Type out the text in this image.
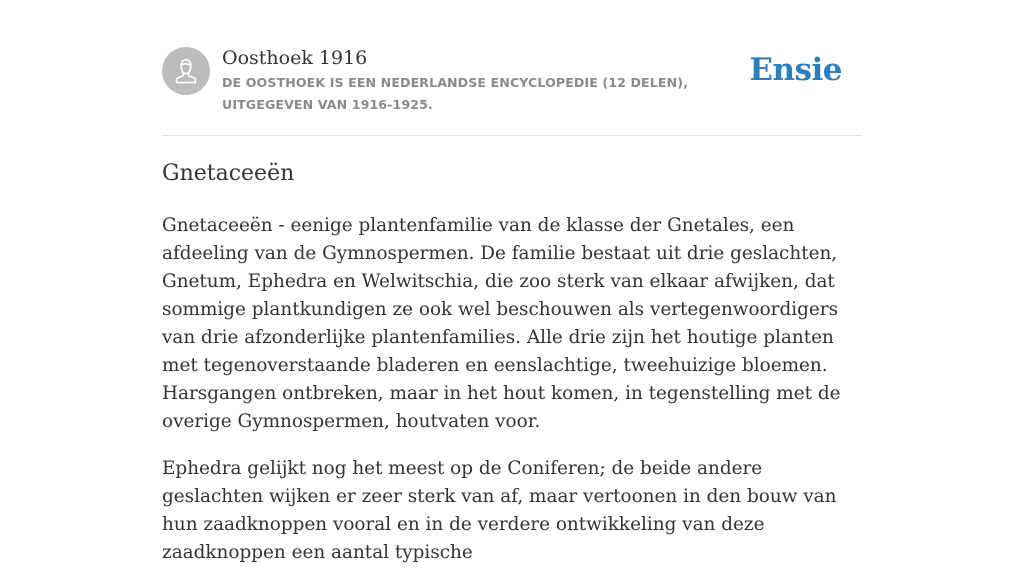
Oosthoek 1916

DE OOSTHOEK IS EEN NEDERLANDSE ENCYCLOPEDIE (12 DELEN), UITGEGEVEN VAN 1916-1925.

Ensie
Gnetaceeën

Gnetaceeën - eenige plantenfamilie van de klasse der Gnetales, een afdeeling van de Gymnospermen. De familie bestaat uit drie geslachten, Gnetum, Ephedra en Welwitschia, die zoo sterk van elkaar afwijken, dat sommige plantkundigen ze ook wel beschouwen als vertegenwoordigers van drie afzonderlijke plantenfamilies. Alle drie zijn het houtige planten met tegenoverstaande bladeren en eenslachtige, tweehuizige bloemen. Harsgangen ontbreken, maar in het hout komen, in tegenstelling met de overige Gymnospermen, houtvaten voor.

Ephedra gelijkt nog het meest op de Coniferen; de beide andere geslachten wijken er zeer sterk van af, maar vertoonen in den bouw van hun zaadknoppen vooral en in de verdere ontwikkeling van deze zaadknoppen een aantal typische
